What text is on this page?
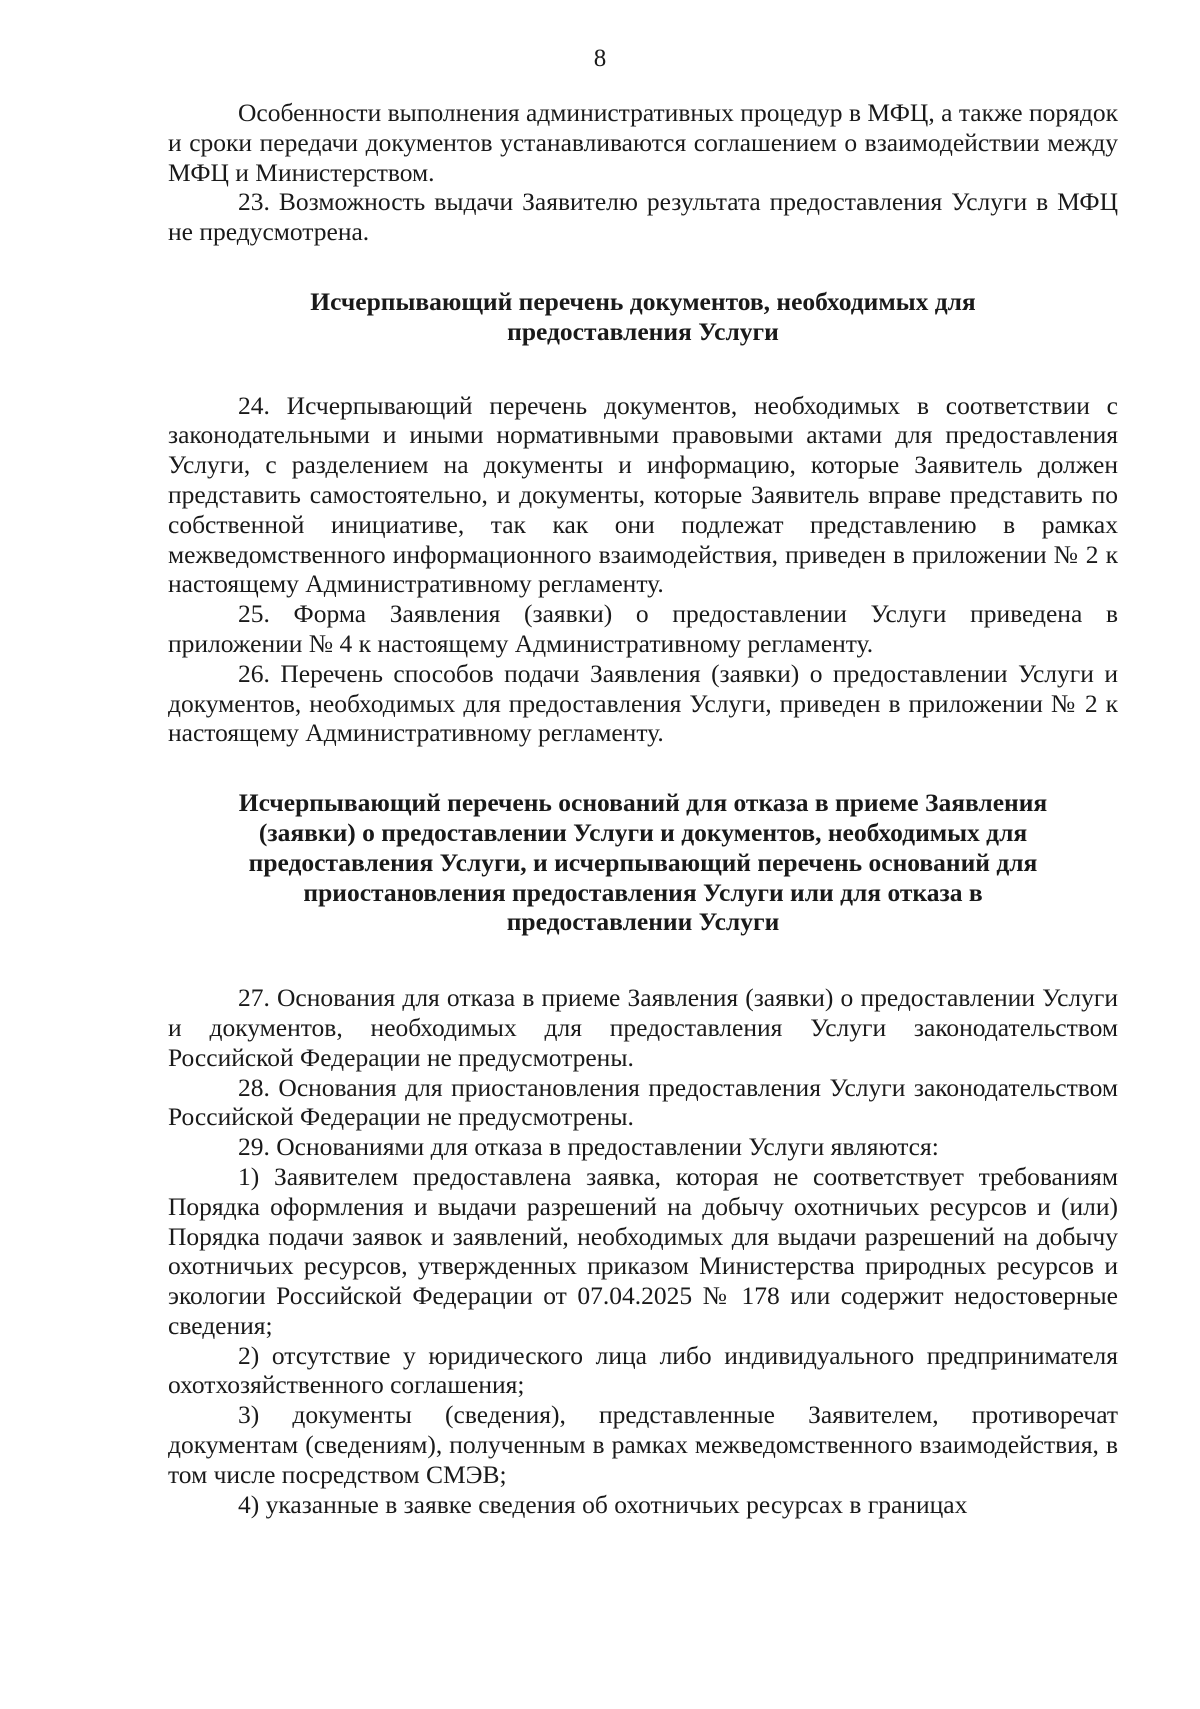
8

Особенности выполнения административных процедур в МФЦ, а также порядок и сроки передачи документов устанавливаются соглашением о взаимодействии между МФЦ и Министерством.

23. Возможность выдачи Заявителю результата предоставления Услуги в МФЦ не предусмотрена.

Исчерпывающий перечень документов, необходимых для
предоставления Услуги

24. Исчерпывающий перечень документов, необходимых в соответствии с законодательными и иными нормативными правовыми актами для предоставления Услуги, с разделением на документы и информацию, которые Заявитель должен представить самостоятельно, и документы, которые Заявитель вправе представить по собственной инициативе, так как они подлежат представлению в рамках межведомственного информационного взаимодействия, приведен в приложении № 2 к настоящему Административному регламенту.

25. Форма Заявления (заявки) о предоставлении Услуги приведена в приложении № 4 к настоящему Административному регламенту.

26. Перечень способов подачи Заявления (заявки) о предоставлении Услуги и документов, необходимых для предоставления Услуги, приведен в приложении № 2 к настоящему Административному регламенту.

Исчерпывающий перечень оснований для отказа в приеме Заявления
(заявки) о предоставлении Услуги и документов, необходимых для
предоставления Услуги, и исчерпывающий перечень оснований для
приостановления предоставления Услуги или для отказа в
предоставлении Услуги

27. Основания для отказа в приеме Заявления (заявки) о предоставлении Услуги и документов, необходимых для предоставления Услуги законодательством Российской Федерации не предусмотрены.

28. Основания для приостановления предоставления Услуги законодательством Российской Федерации не предусмотрены.

29. Основаниями для отказа в предоставлении Услуги являются:

1) Заявителем предоставлена заявка, которая не соответствует требованиям Порядка оформления и выдачи разрешений на добычу охотничьих ресурсов и (или) Порядка подачи заявок и заявлений, необходимых для выдачи разрешений на добычу охотничьих ресурсов, утвержденных приказом Министерства природных ресурсов и экологии Российской Федерации от 07.04.2025 № 178 или содержит недостоверные сведения;

2) отсутствие у юридического лица либо индивидуального предпринимателя охотхозяйственного соглашения;

3) документы (сведения), представленные Заявителем, противоречат документам (сведениям), полученным в рамках межведомственного взаимодействия, в том числе посредством СМЭВ;

4) указанные в заявке сведения об охотничьих ресурсах в границах
